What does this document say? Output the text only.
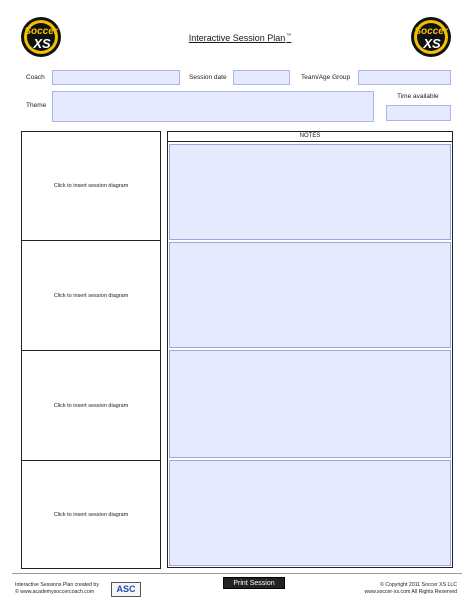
Soccer
XS
Soccer
XS
Interactive Session Plan™
Coach	Session date	Team/Age Group
Theme
Time available
Click to insert session diagram
Click to insert session diagram
Click to insert session diagram
Click to insert session diagram
NOTES
Interactive Sessions Plan created by
© www.academysoccercoach.com	ASC
Print Session	© Copyright 2011 Soccer XS LLC
www.soccer-xs.com All Rights Reserved
